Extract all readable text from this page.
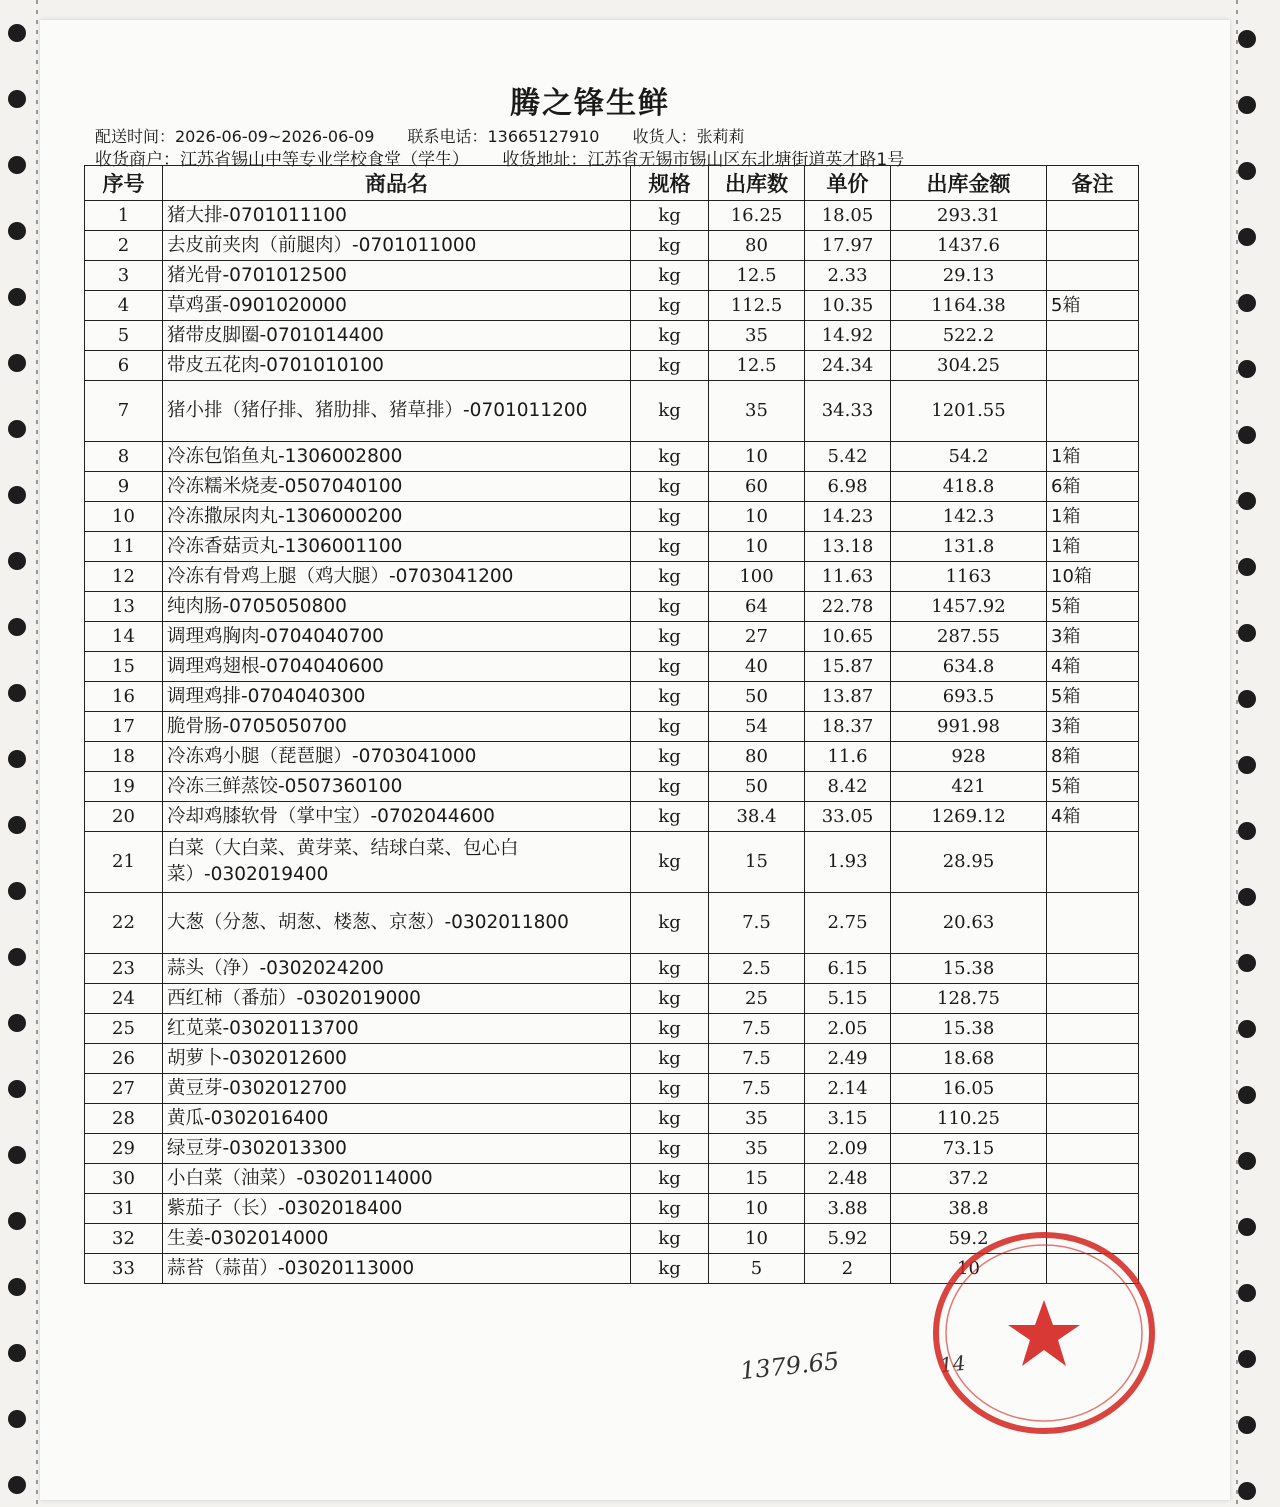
腾之锋生鲜
配送时间：2026-06-09~2026-06-09 联系电话：13665127910 收货人：张莉莉
收货商户：江苏省锡山中等专业学校食堂（学生） 收货地址：江苏省无锡市锡山区东北塘街道英才路1号
序号	商品名	规格	出库数	单价	出库金额	备注
1	猪大排-0701011100	kg	16.25	18.05	293.31	
2	去皮前夹肉（前腿肉）-0701011000	kg	80	17.97	1437.6	
3	猪光骨-0701012500	kg	12.5	2.33	29.13	
4	草鸡蛋-0901020000	kg	112.5	10.35	1164.38	5箱
5	猪带皮脚圈-0701014400	kg	35	14.92	522.2	
6	带皮五花肉-0701010100	kg	12.5	24.34	304.25	
7	猪小排（猪仔排、猪肋排、猪草排）-0701011200	kg	35	34.33	1201.55	
8	冷冻包馅鱼丸-1306002800	kg	10	5.42	54.2	1箱
9	冷冻糯米烧麦-0507040100	kg	60	6.98	418.8	6箱
10	冷冻撒尿肉丸-1306000200	kg	10	14.23	142.3	1箱
11	冷冻香菇贡丸-1306001100	kg	10	13.18	131.8	1箱
12	冷冻有骨鸡上腿（鸡大腿）-0703041200	kg	100	11.63	1163	10箱
13	纯肉肠-0705050800	kg	64	22.78	1457.92	5箱
14	调理鸡胸肉-0704040700	kg	27	10.65	287.55	3箱
15	调理鸡翅根-0704040600	kg	40	15.87	634.8	4箱
16	调理鸡排-0704040300	kg	50	13.87	693.5	5箱
17	脆骨肠-0705050700	kg	54	18.37	991.98	3箱
18	冷冻鸡小腿（琵琶腿）-0703041000	kg	80	11.6	928	8箱
19	冷冻三鲜蒸饺-0507360100	kg	50	8.42	421	5箱
20	冷却鸡膝软骨（掌中宝）-0702044600	kg	38.4	33.05	1269.12	4箱
21	白菜（大白菜、黄芽菜、结球白菜、包心白菜）-0302019400	kg	15	1.93	28.95	
22	大葱（分葱、胡葱、楼葱、京葱）-0302011800	kg	7.5	2.75	20.63	
23	蒜头（净）-0302024200	kg	2.5	6.15	15.38	
24	西红柿（番茄）-0302019000	kg	25	5.15	128.75	
25	红苋菜-03020113700	kg	7.5	2.05	15.38	
26	胡萝卜-0302012600	kg	7.5	2.49	18.68	
27	黄豆芽-0302012700	kg	7.5	2.14	16.05	
28	黄瓜-0302016400	kg	35	3.15	110.25	
29	绿豆芽-0302013300	kg	35	2.09	73.15	
30	小白菜（油菜）-03020114000	kg	15	2.48	37.2	
31	紫茄子（长）-0302018400	kg	10	3.88	38.8	
32	生姜-0302014000	kg	10	5.92	59.2	
33	蒜苔（蒜苗）-03020113000	kg	5	2	10	
1379.65	14
